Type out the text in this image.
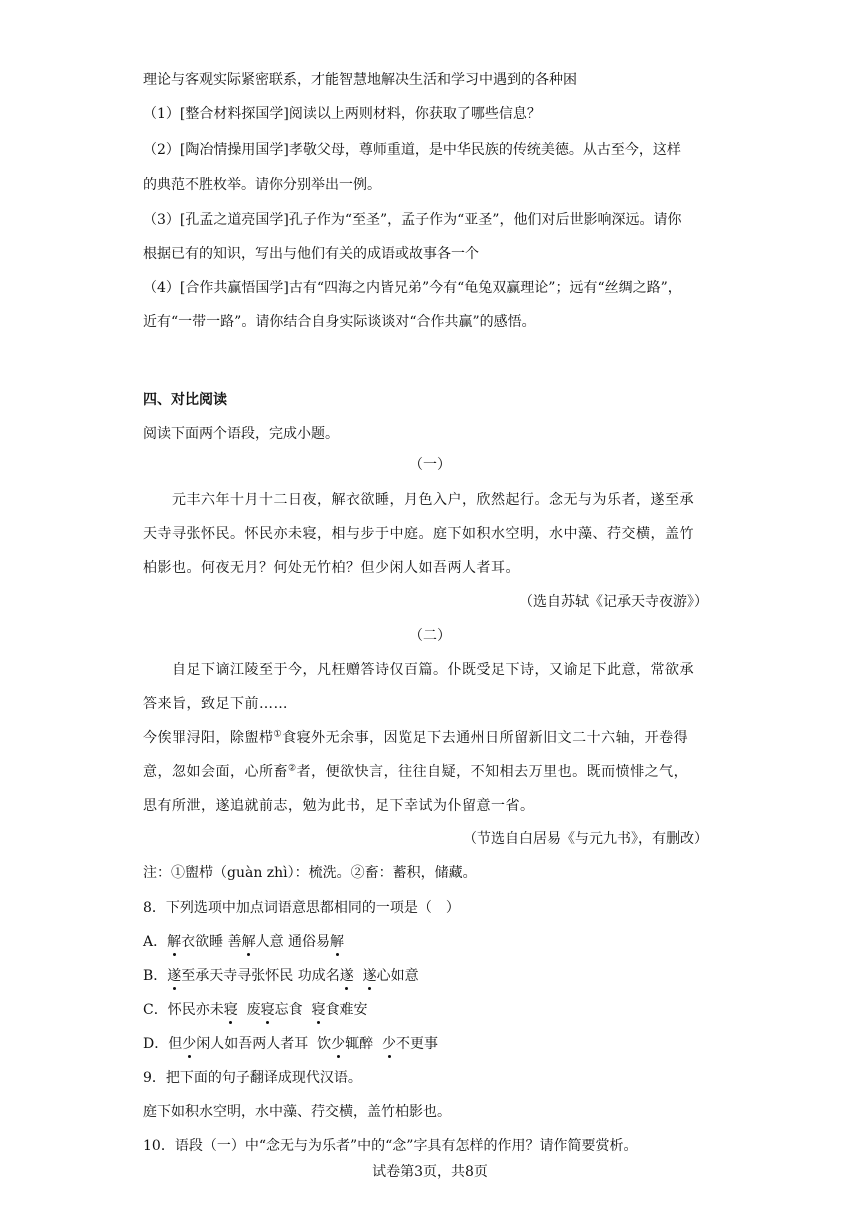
理论与客观实际紧密联系，才能智慧地解决生活和学习中遇到的各种困
（1）[整合材料探国学]阅读以上两则材料，你获取了哪些信息？
（2）[陶冶情操用国学]孝敬父母，尊师重道，是中华民族的传统美德。从古至今，这样
的典范不胜枚举。请你分别举出一例。
（3）[孔孟之道亮国学]孔子作为“至圣”，孟子作为“亚圣”，他们对后世影响深远。请你
根据已有的知识，写出与他们有关的成语或故事各一个
（4）[合作共赢悟国学]古有“四海之内皆兄弟”今有“龟兔双赢理论”；远有“丝绸之路”，
近有“一带一路”。请你结合自身实际谈谈对“合作共赢”的感悟。
四、对比阅读
阅读下面两个语段，完成小题。
（一）
元丰六年十月十二日夜，解衣欲睡，月色入户，欣然起行。念无与为乐者，遂至承
天寺寻张怀民。怀民亦未寝，相与步于中庭。庭下如积水空明，水中藻、荇交横，盖竹
柏影也。何夜无月？何处无竹柏？但少闲人如吾两人者耳。
（选自苏轼《记承天寺夜游》）
（二）
自足下谪江陵至于今，凡枉赠答诗仅百篇。仆既受足下诗，又谕足下此意，常欲承
答来旨，致足下前……
今俟罪浔阳，除盥栉①食寝外无余事，因览足下去通州日所留新旧文二十六轴，开卷得
意，忽如会面，心所畜②者，便欲快言，往往自疑，不知相去万里也。既而愤悱之气，
思有所泄，遂追就前志，勉为此书，足下幸试为仆留意一省。
（节选自白居易《与元九书》，有删改）
注：①盥栉（guàn zhì）：梳洗。②畜：蓄积，储藏。
8．下列选项中加点词语意思都相同的一项是（　）
A．解衣欲睡 善解人意 通俗易解
B．遂至承天寺寻张怀民 功成名遂 遂心如意
C．怀民亦未寝  废寝忘食  寝食难安
D．但少闲人如吾两人者耳  饮少辄醉  少不更事
9．把下面的句子翻译成现代汉语。
庭下如积水空明，水中藻、荇交横，盖竹柏影也。
10．语段（一）中“念无与为乐者”中的“念”字具有怎样的作用？请作简要赏析。
试卷第3页，共8页
